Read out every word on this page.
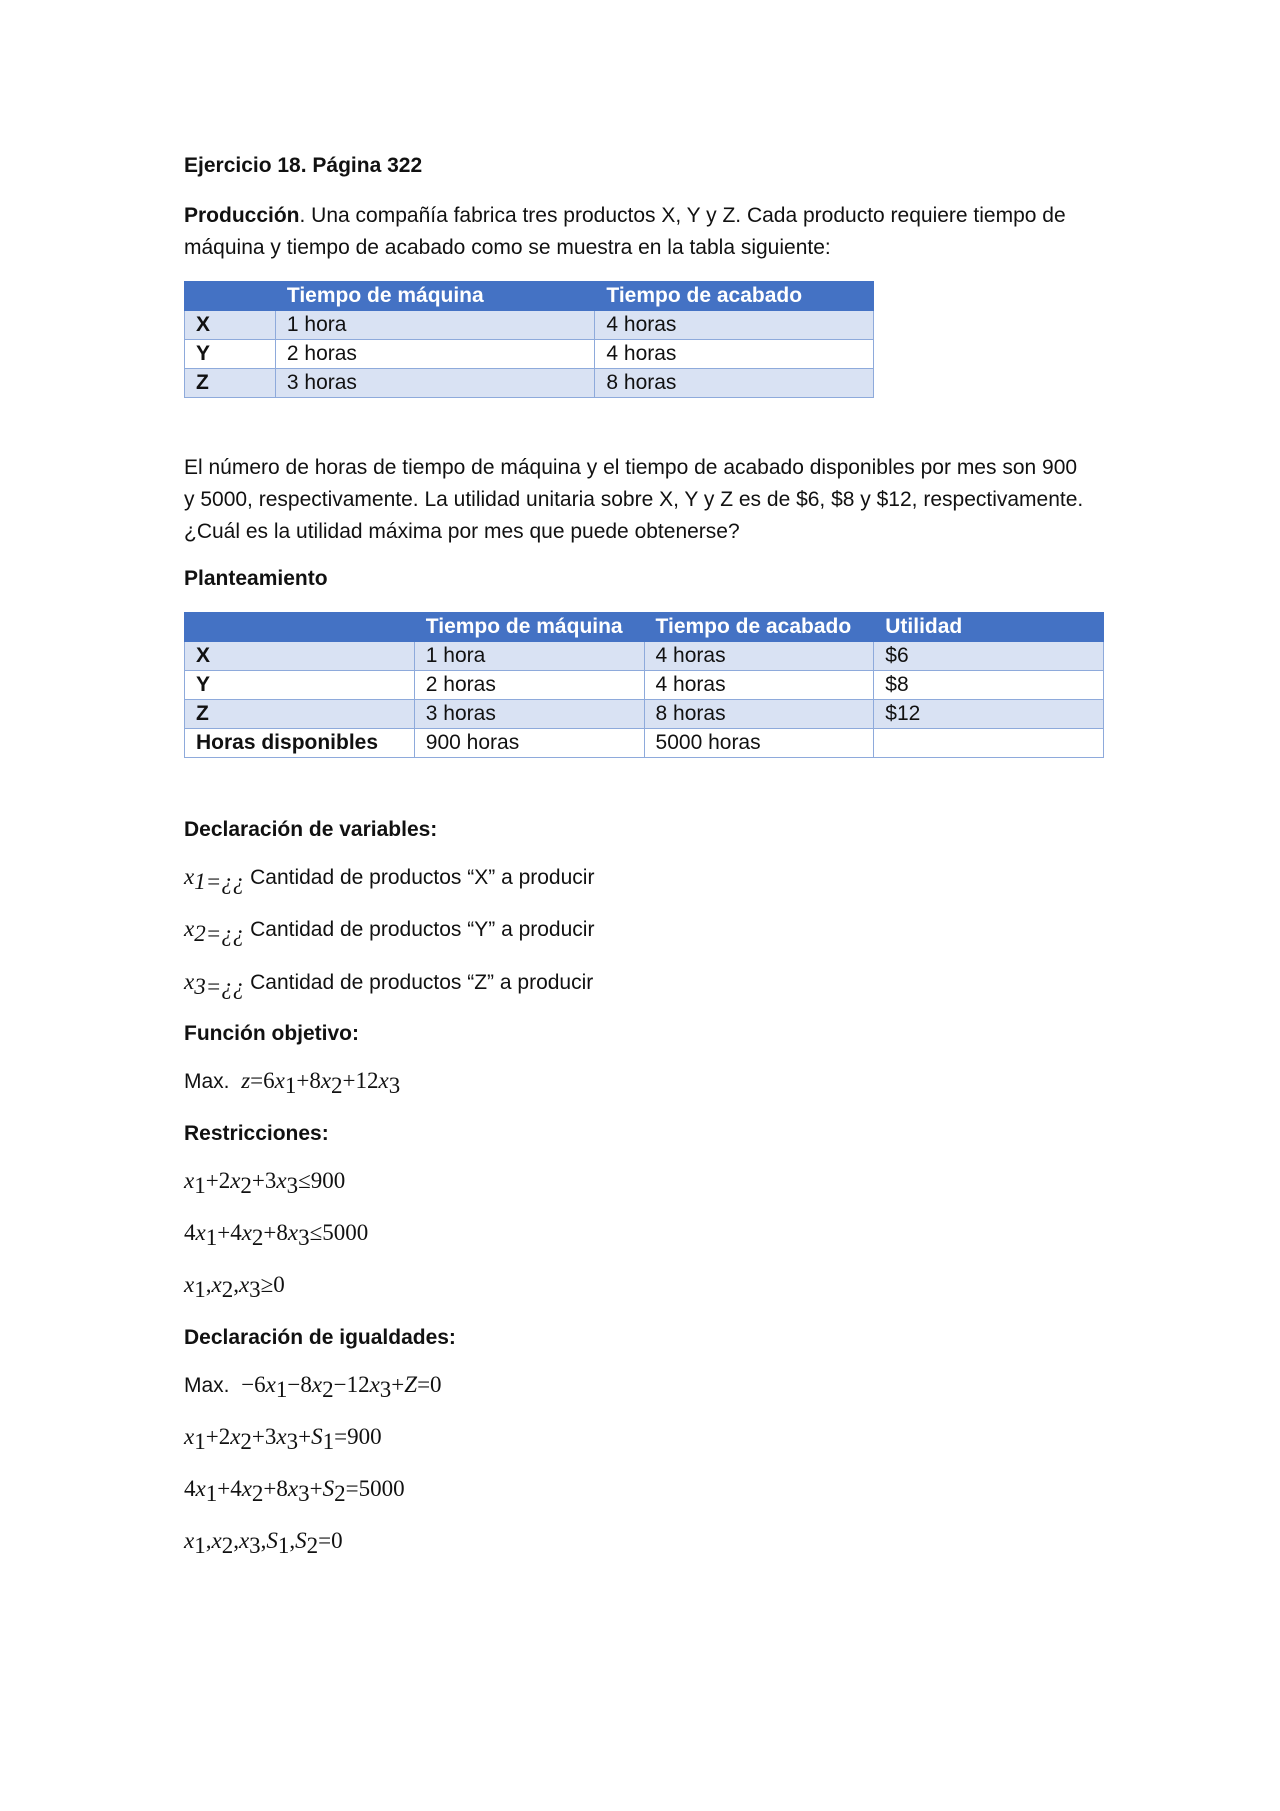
Ejercicio 18. Página 322
Producción. Una compañía fabrica tres productos X, Y y Z. Cada producto requiere tiempo de máquina y tiempo de acabado como se muestra en la tabla siguiente:
	Tiempo de máquina	Tiempo de acabado
X	1 hora	4 horas
Y	2 horas	4 horas
Z	3 horas	8 horas
El número de horas de tiempo de máquina y el tiempo de acabado disponibles por mes son 900 y 5000, respectivamente. La utilidad unitaria sobre X, Y y Z es de $6, $8 y $12, respectivamente. ¿Cuál es la utilidad máxima por mes que puede obtenerse?
Planteamiento
	Tiempo de máquina	Tiempo de acabado	Utilidad
X	1 hora	4 horas	$6
Y	2 horas	4 horas	$8
Z	3 horas	8 horas	$12
Horas disponibles	900 horas	5000 horas	
Declaración de variables:
$x_{1=¿¿}$ Cantidad de productos “X” a producir
$x_{2=¿¿}$ Cantidad de productos “Y” a producir
$x_{3=¿¿}$ Cantidad de productos “Z” a producir
Función objetivo:
Max. $z=6x_1+8x_2+12x_3$
Restricciones:
$x_1+2x_2+3x_3\le 900$
$4x_1+4x_2+8x_3\le 5000$
$x_1,x_2,x_3\ge 0$
Declaración de igualdades:
Max. $-6x_1-8x_2-12x_3+Z=0$
$x_1+2x_2+3x_3+S_1=900$
$4x_1+4x_2+8x_3+S_2=5000$
$x_1,x_2,x_3,S_1,S_2=0$
